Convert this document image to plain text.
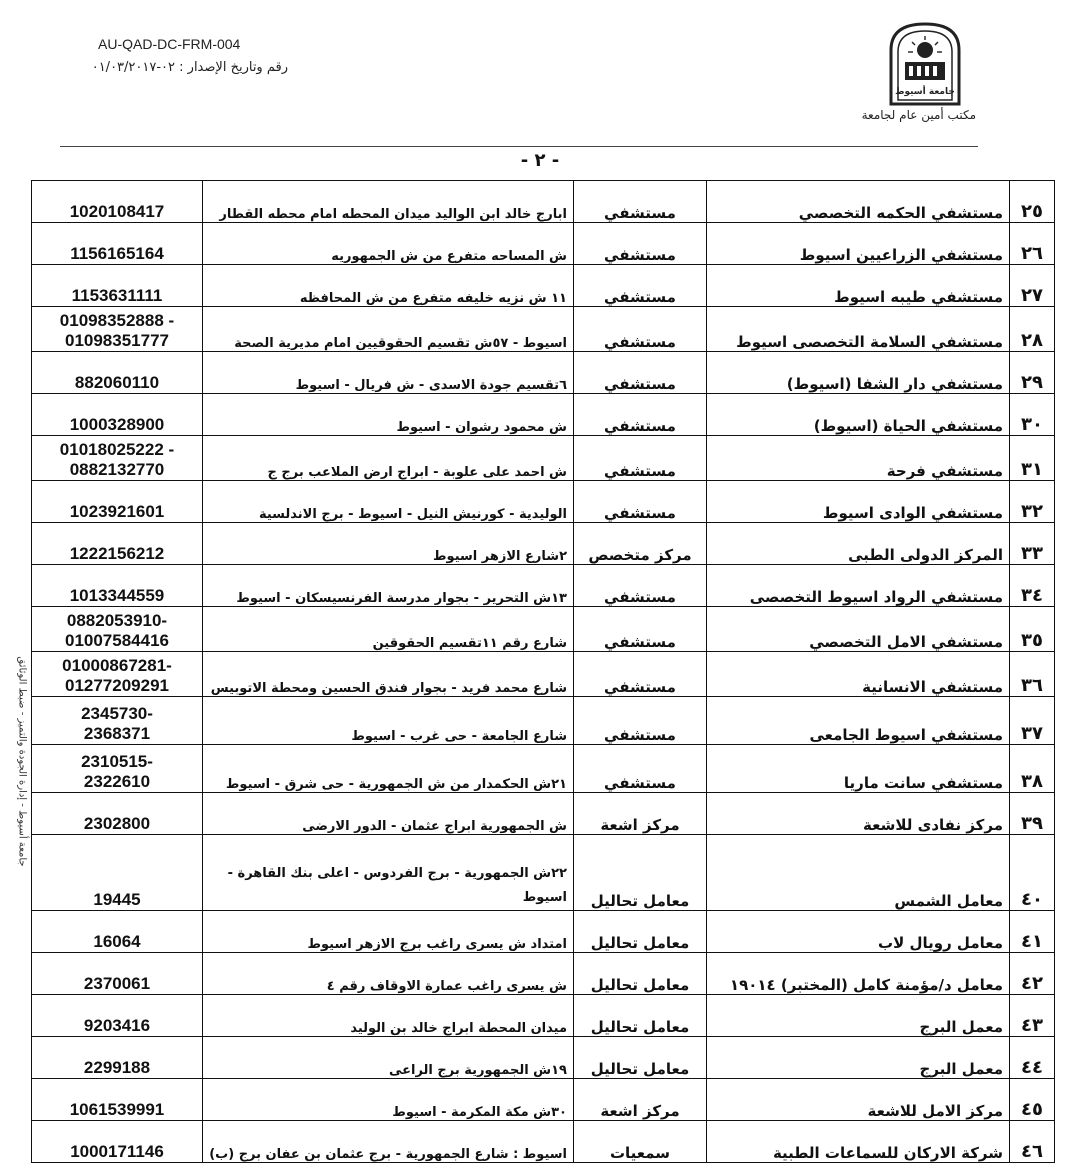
AU-QAD-DC-FRM-004
رقم وتاريخ الإصدار : ٠٢-٠١/٠٣/٢٠١٧
جامعة أسيوط
مكتب أمين عام لجامعة
- ٢ -
جامعة أسيوط - إدارة الجودة والتميز - ضبط الوثائق
٢٥	مستشفي الحكمه التخصصي	مستشفي	ابارج خالد ابن الواليد ميدان المحطه امام محطه القطار	1020108417

٢٦	مستشفي الزراعيين اسيوط	مستشفي	ش المساحه متفرع من ش الجمهوريه	1156165164

٢٧	مستشفي طيبه اسيوط	مستشفي	١١ ش نزيه خليفه متفرع من ش المحافظه	1153631111

٢٨	مستشفي السلامة التخصصى اسيوط	مستشفي	اسيوط - ٥٧ش تقسيم الحقوقيين امام مديرية الصحة	01098352888 -
01098351777

٢٩	مستشفي دار الشفا (اسيوط)	مستشفي	٦تقسيم جودة الاسدى - ش فريال - اسيوط	882060110

٣٠	مستشفي الحياة (اسيوط)	مستشفي	ش محمود رشوان - اسيوط	1000328900

٣١	مستشفي فرحة	مستشفي	ش احمد على علوبة - ابراج ارض الملاعب برج ج	01018025222 -
0882132770

٣٢	مستشفي الوادى اسيوط	مستشفي	الوليدية - كورنيش النيل - اسيوط - برج الاندلسية	1023921601

٣٣	المركز الدولى الطبى	مركز متخصص	٢شارع الازهر اسيوط	1222156212

٣٤	مستشفي الرواد اسيوط التخصصى	مستشفي	١٣ش التحرير - بجوار مدرسة الفرنسيسكان - اسيوط	1013344559

٣٥	مستشفي الامل التخصصي	مستشفي	شارع رقم ١١تقسيم الحقوقين	0882053910-
01007584416

٣٦	مستشفي الانسانية	مستشفي	شارع محمد فريد - بجوار فندق الحسين ومحطة الاتوبيس	01000867281-
01277209291

٣٧	مستشفي اسيوط الجامعى	مستشفي	شارع الجامعة - حى غرب - اسيوط	2345730-
2368371

٣٨	مستشفي سانت ماريا	مستشفي	٢١ش الحكمدار من ش الجمهورية - حى شرق - اسيوط	2310515-
2322610

٣٩	مركز نفادى للاشعة	مركز اشعة	ش الجمهورية ابراج عثمان - الدور الارضى	2302800

٤٠	معامل الشمس	معامل تحاليل	٢٢ش الجمهورية - برج الفردوس - اعلى بنك القاهرة - اسيوط	19445

٤١	معامل رويال لاب	معامل تحاليل	امتداد ش يسرى راغب برج الازهر اسيوط	16064

٤٢	معامل د/مؤمنة كامل (المختبر) ١٩٠١٤	معامل تحاليل	ش يسرى راغب عمارة الاوقاف رقم ٤	2370061

٤٣	معمل البرج	معامل تحاليل	ميدان المحطة ابراج خالد بن الوليد	9203416

٤٤	معمل البرج	معامل تحاليل	١٩ش الجمهورية برج الراعى	2299188

٤٥	مركز الامل للاشعة	مركز اشعة	٣٠ش مكة المكرمة - اسيوط	1061539991

٤٦	شركة الاركان للسماعات الطبية	سمعيات	اسيوط : شارع الجمهورية - برج عثمان بن عفان برج (ب)	1000171146
